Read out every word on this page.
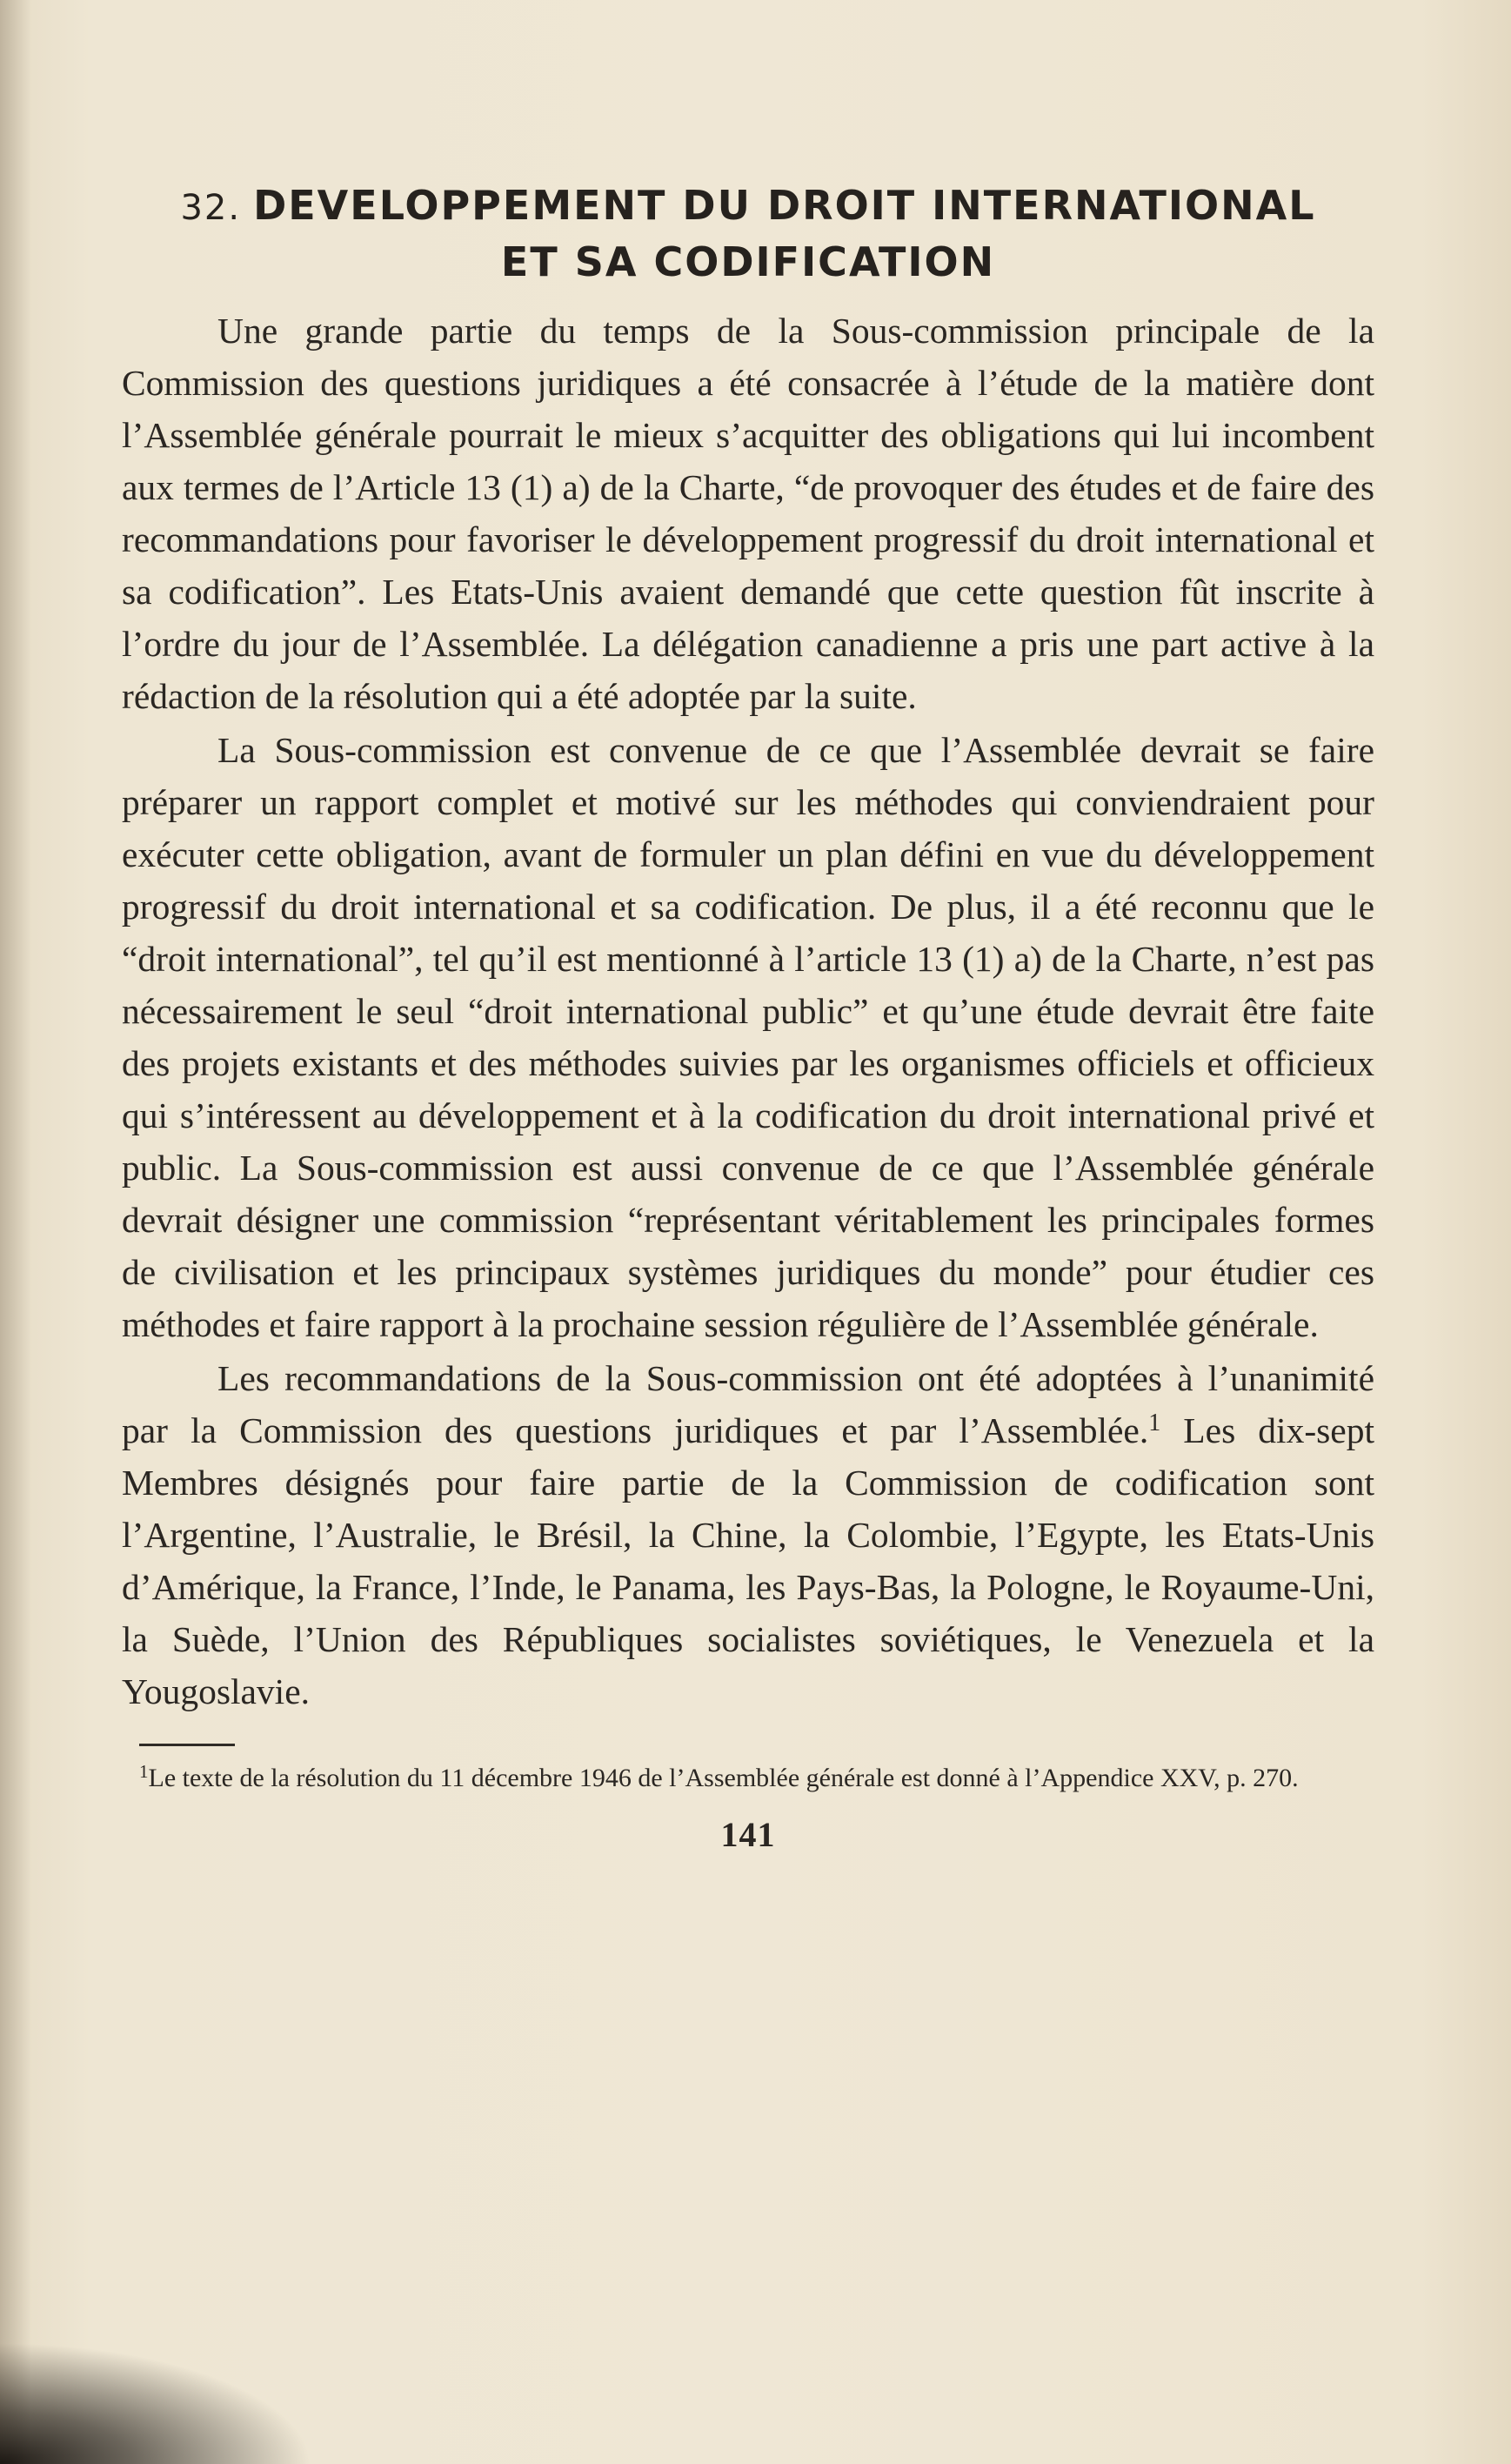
32. DEVELOPPEMENT DU DROIT INTERNATIONAL
ET SA CODIFICATION

Une grande partie du temps de la Sous-commission principale de la Commission des questions juridiques a été consacrée à l’étude de la matière dont l’Assemblée générale pourrait le mieux s’acquitter des obligations qui lui incombent aux termes de l’Article 13 (1) a) de la Charte, “de provoquer des études et de faire des recommandations pour favoriser le développement progressif du droit international et sa codification”. Les Etats-Unis avaient demandé que cette question fût inscrite à l’ordre du jour de l’Assemblée. La délégation canadienne a pris une part active à la rédaction de la résolution qui a été adoptée par la suite.

La Sous-commission est convenue de ce que l’Assemblée devrait se faire préparer un rapport complet et motivé sur les méthodes qui conviendraient pour exécuter cette obligation, avant de formuler un plan défini en vue du développement progressif du droit international et sa codification. De plus, il a été reconnu que le “droit international”, tel qu’il est mentionné à l’article 13 (1) a) de la Charte, n’est pas nécessairement le seul “droit international public” et qu’une étude devrait être faite des projets existants et des méthodes suivies par les organismes officiels et officieux qui s’intéressent au développement et à la codification du droit international privé et public. La Sous-commission est aussi convenue de ce que l’Assemblée générale devrait désigner une commission “représentant véritablement les principales formes de civilisation et les principaux systèmes juridiques du monde” pour étudier ces méthodes et faire rapport à la prochaine session régulière de l’Assemblée générale.

Les recommandations de la Sous-commission ont été adoptées à l’unanimité par la Commission des questions juridiques et par l’Assemblée.$^1$ Les dix-sept Membres désignés pour faire partie de la Commission de codification sont l’Argentine, l’Australie, le Brésil, la Chine, la Colombie, l’Egypte, les Etats-Unis d’Amérique, la France, l’Inde, le Panama, les Pays-Bas, la Pologne, le Royaume-Uni, la Suède, l’Union des Républiques socialistes soviétiques, le Venezuela et la Yougoslavie.

$^1$Le texte de la résolution du 11 décembre 1946 de l’Assemblée générale est donné à l’Appendice XXV, p. 270.

141
